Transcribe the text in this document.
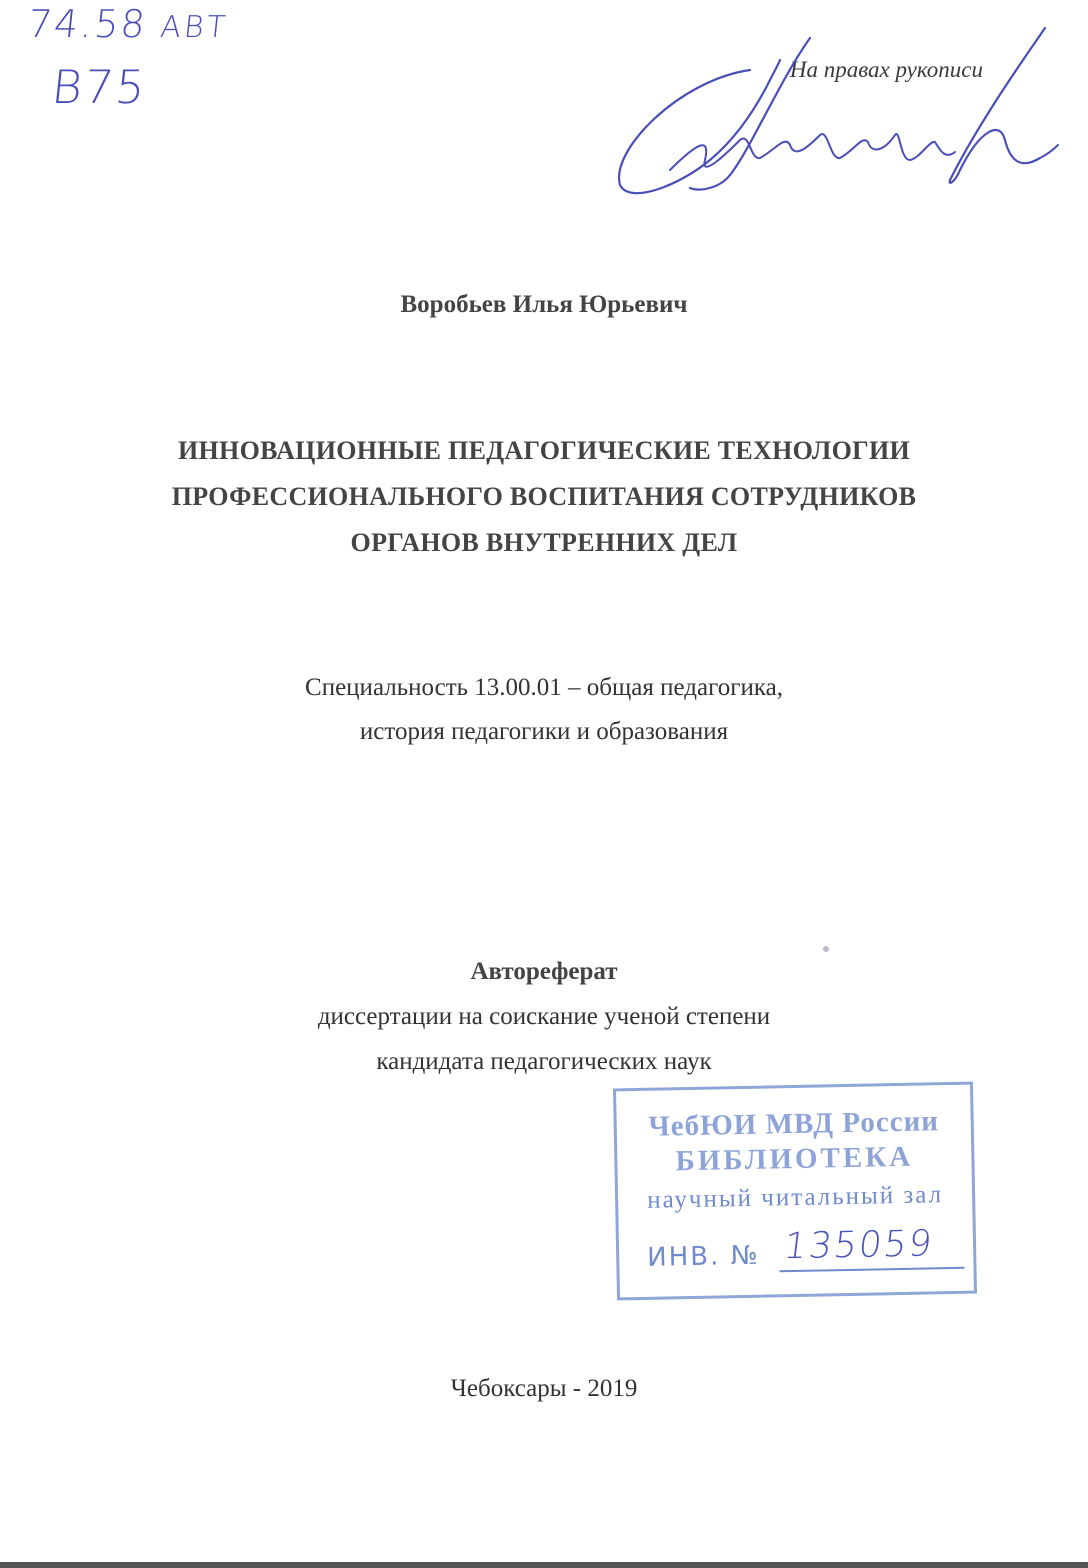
74.58 АВТ
В75	На правах рукописи
Воробьев Илья Юрьевич
ИННОВАЦИОННЫЕ ПЕДАГОГИЧЕСКИЕ ТЕХНОЛОГИИ
ПРОФЕССИОНАЛЬНОГО ВОСПИТАНИЯ СОТРУДНИКОВ
ОРГАНОВ ВНУТРЕННИХ ДЕЛ
Специальность 13.00.01 – общая педагогика,
история педагогики и образования
Автореферат
диссертации на соискание ученой степени
кандидата педагогических наук
ЧебЮИ МВД России
БИБЛИОТЕКА
научный читальный зал
ИНВ. № 135059
Чебоксары - 2019
